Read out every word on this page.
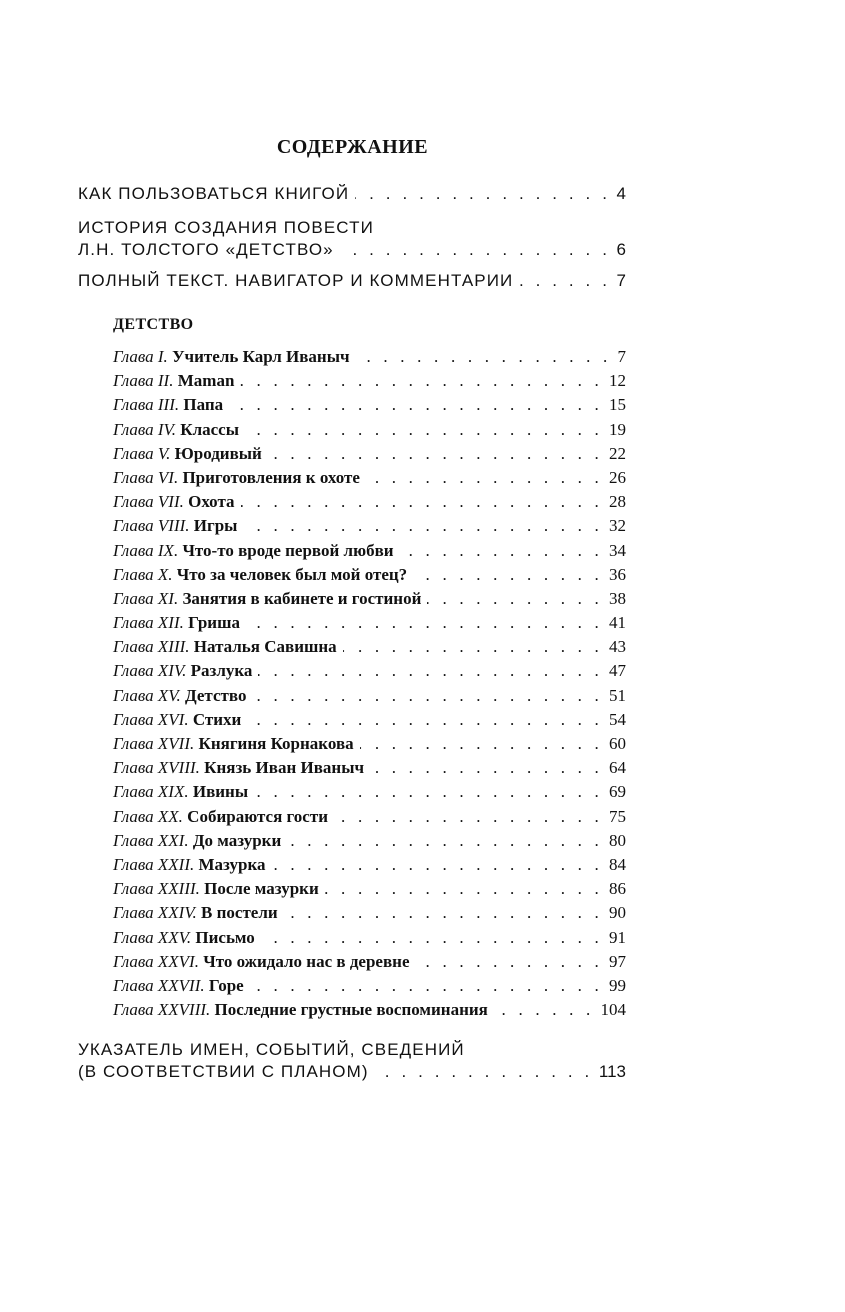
СОДЕРЖАНИЕ
КАК ПОЛЬЗОВАТЬСЯ КНИГОЙ . . .	4
ИСТОРИЯ СОЗДАНИЯ ПОВЕСТИ
Л.Н. ТОЛСТОГО «ДЕТСТВО» . . .	6
ПОЛНЫЙ ТЕКСТ. НАВИГАТОР И КОММЕНТАРИИ . . .	7
ДЕТСТВО
Глава I. Учитель Карл Иваныч . . .	7
Глава II. Maman . . .	12
Глава III. Папа . . .	15
Глава IV. Классы . . .	19
Глава V. Юродивый . . .	22
Глава VI. Приготовления к охоте . . .	26
Глава VII. Охота . . .	28
Глава VIII. Игры . . .	32
Глава IX. Что-то вроде первой любви . . .	34
Глава X. Что за человек был мой отец? . . .	36
Глава XI. Занятия в кабинете и гостиной . . .	38
Глава XII. Гриша . . .	41
Глава XIII. Наталья Савишна . . .	43
Глава XIV. Разлука . . .	47
Глава XV. Детство . . .	51
Глава XVI. Стихи . . .	54
Глава XVII. Княгиня Корнакова . . .	60
Глава XVIII. Князь Иван Иваныч . . .	64
Глава XIX. Ивины . . .	69
Глава XX. Собираются гости . . .	75
Глава XXI. До мазурки . . .	80
Глава XXII. Мазурка . . .	84
Глава XXIII. После мазурки . . .	86
Глава XXIV. В постели . . .	90
Глава XXV. Письмо . . .	91
Глава XXVI. Что ожидало нас в деревне . . .	97
Глава XXVII. Горе . . .	99
Глава XXVIII. Последние грустные воспоминания . . .	104
УКАЗАТЕЛЬ ИМЕН, СОБЫТИЙ, СВЕДЕНИЙ
(В СООТВЕТСТВИИ С ПЛАНОМ) . . .	113
